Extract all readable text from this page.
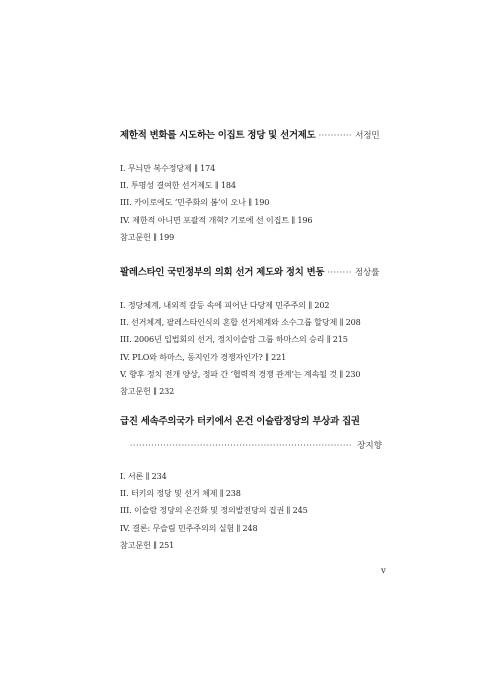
제한적 변화를 시도하는 이집트 정당 및 선거제도 ··········· 서정민
I. 무늬만 복수정당제 ∥ 174
II. 투명성 결여한 선거제도 ∥ 184
III. 카이로에도 ‘민주화의 봄’이 오나 ∥ 190
IV. 제한적 아니면 포괄적 개혁? 기로에 선 이집트 ∥ 196
참고문헌 ∥ 199
팔레스타인 국민정부의 의회 선거 제도와 정치 변동 ········ 정상률
I. 정당체계, 내외적 갈등 속에 피어난 다당제 민주주의 ∥ 202
II. 선거체계, 팔레스타인식의 혼합 선거체계와 소수그룹 할당제 ∥ 208
III. 2006년 입법회의 선거, 정치이슬람 그룹 하마스의 승리 ∥ 215
IV. PLO와 하마스, 동지인가 경쟁자인가? ∥ 221
V. 향후 정치 전개 양상, 정파 간 ‘협력적 경쟁 관계’는 계속될 것 ∥ 230
참고문헌 ∥ 232
급진 세속주의국가 터키에서 온건 이슬람정당의 부상과 집권
········································································· 장지향
I. 서론 ∥ 234
II. 터키의 정당 및 선거 체제 ∥ 238
III. 이슬람 정당의 온건화 및 정의발전당의 집권 ∥ 245
IV. 결론: 무슬림 민주주의의 실험 ∥ 248
참고문헌 ∥ 251
v
